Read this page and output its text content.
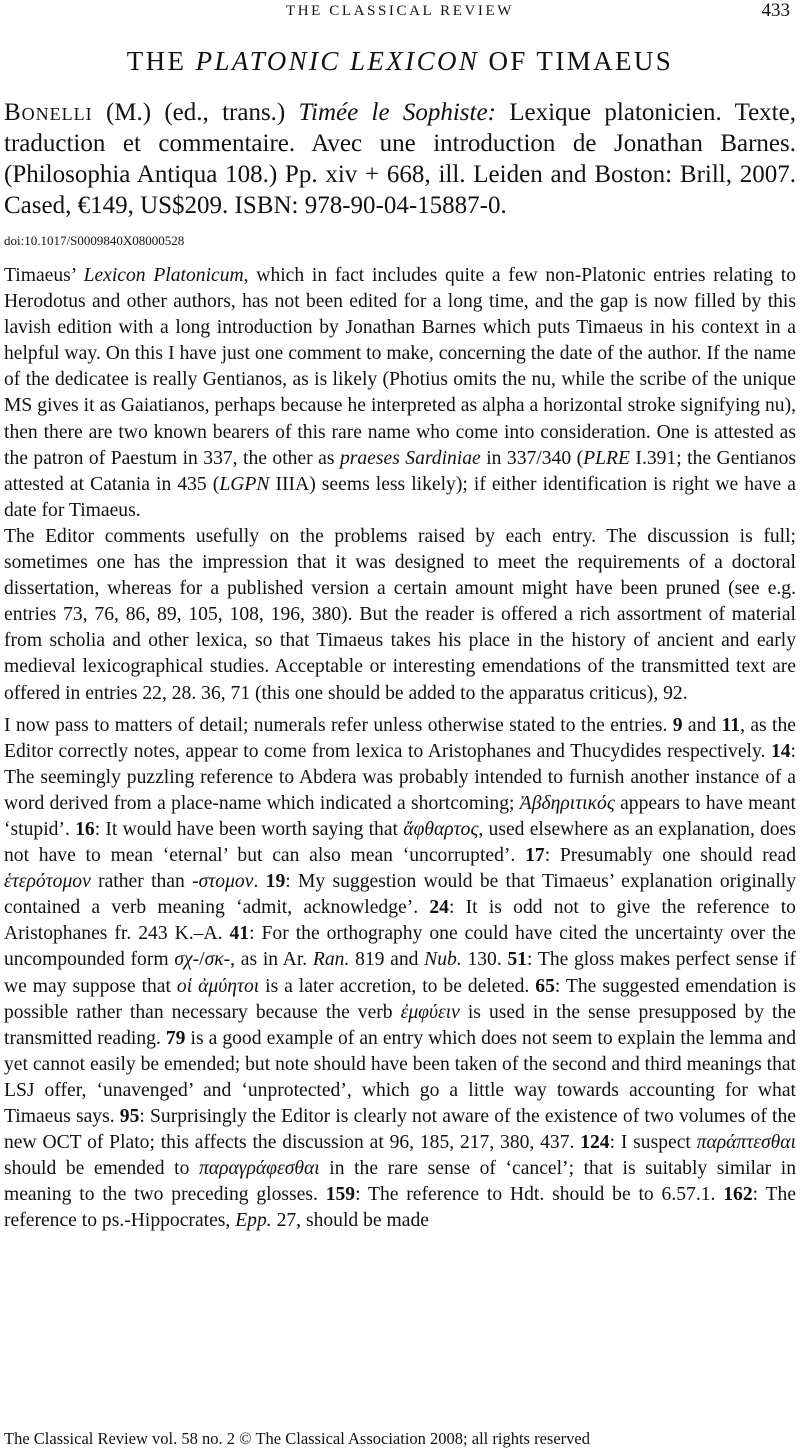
THE CLASSICAL REVIEW	433
THE PLATONIC LEXICON OF TIMAEUS

Bonelli (M.) (ed., trans.) Timée le Sophiste: Lexique platonicien. Texte, traduction et commentaire. Avec une introduction de Jonathan Barnes. (Philosophia Antiqua 108.) Pp. xiv + 668, ill. Leiden and Boston: Brill, 2007. Cased, €149, US$209. ISBN: 978-90-04-15887-0.

doi:10.1017/S0009840X08000528

Timaeus’ Lexicon Platonicum, which in fact includes quite a few non-Platonic entries relating to Herodotus and other authors, has not been edited for a long time, and the gap is now filled by this lavish edition with a long introduction by Jonathan Barnes which puts Timaeus in his context in a helpful way. On this I have just one comment to make, concerning the date of the author. If the name of the dedicatee is really Gentianos, as is likely (Photius omits the nu, while the scribe of the unique MS gives it as Gaiatianos, perhaps because he interpreted as alpha a horizontal stroke signifying nu), then there are two known bearers of this rare name who come into consideration. One is attested as the patron of Paestum in 337, the other as praeses Sardiniae in 337/340 (PLRE I.391; the Gentianos attested at Catania in 435 (LGPN IIIA) seems less likely); if either identification is right we have a date for Timaeus.

The Editor comments usefully on the problems raised by each entry. The discussion is full; sometimes one has the impression that it was designed to meet the requirements of a doctoral dissertation, whereas for a published version a certain amount might have been pruned (see e.g. entries 73, 76, 86, 89, 105, 108, 196, 380). But the reader is offered a rich assortment of material from scholia and other lexica, so that Timaeus takes his place in the history of ancient and early medieval lexicographical studies. Acceptable or interesting emendations of the transmitted text are offered in entries 22, 28. 36, 71 (this one should be added to the apparatus criticus), 92.

I now pass to matters of detail; numerals refer unless otherwise stated to the entries. 9 and 11, as the Editor correctly notes, appear to come from lexica to Aristophanes and Thucydides respectively. 14: The seemingly puzzling reference to Abdera was probably intended to furnish another instance of a word derived from a place-name which indicated a shortcoming; Ἀβδηριτικός appears to have meant ‘stupid’. 16: It would have been worth saying that ἄφθαρτος, used elsewhere as an explanation, does not have to mean ‘eternal’ but can also mean ‘uncorrupted’. 17: Presumably one should read ἑτερότομον rather than -στομον. 19: My suggestion would be that Timaeus’ explanation originally contained a verb meaning ‘admit, acknowledge’. 24: It is odd not to give the reference to Aristophanes fr. 243 K.–A. 41: For the orthography one could have cited the uncertainty over the uncompounded form σχ-/σκ-, as in Ar. Ran. 819 and Nub. 130. 51: The gloss makes perfect sense if we may suppose that οἱ ἀμύητοι is a later accretion, to be deleted. 65: The suggested emendation is possible rather than necessary because the verb ἐμφύειν is used in the sense presupposed by the transmitted reading. 79 is a good example of an entry which does not seem to explain the lemma and yet cannot easily be emended; but note should have been taken of the second and third meanings that LSJ offer, ‘unavenged’ and ‘unprotected’, which go a little way towards accounting for what Timaeus says. 95: Surprisingly the Editor is clearly not aware of the existence of two volumes of the new OCT of Plato; this affects the discussion at 96, 185, 217, 380, 437. 124: I suspect παράπτεσθαι should be emended to παραγράφεσθαι in the rare sense of ‘cancel’; that is suitably similar in meaning to the two preceding glosses. 159: The reference to Hdt. should be to 6.57.1. 162: The reference to ps.-Hippocrates, Epp. 27, should be made

The Classical Review vol. 58 no. 2 © The Classical Association 2008; all rights reserved
